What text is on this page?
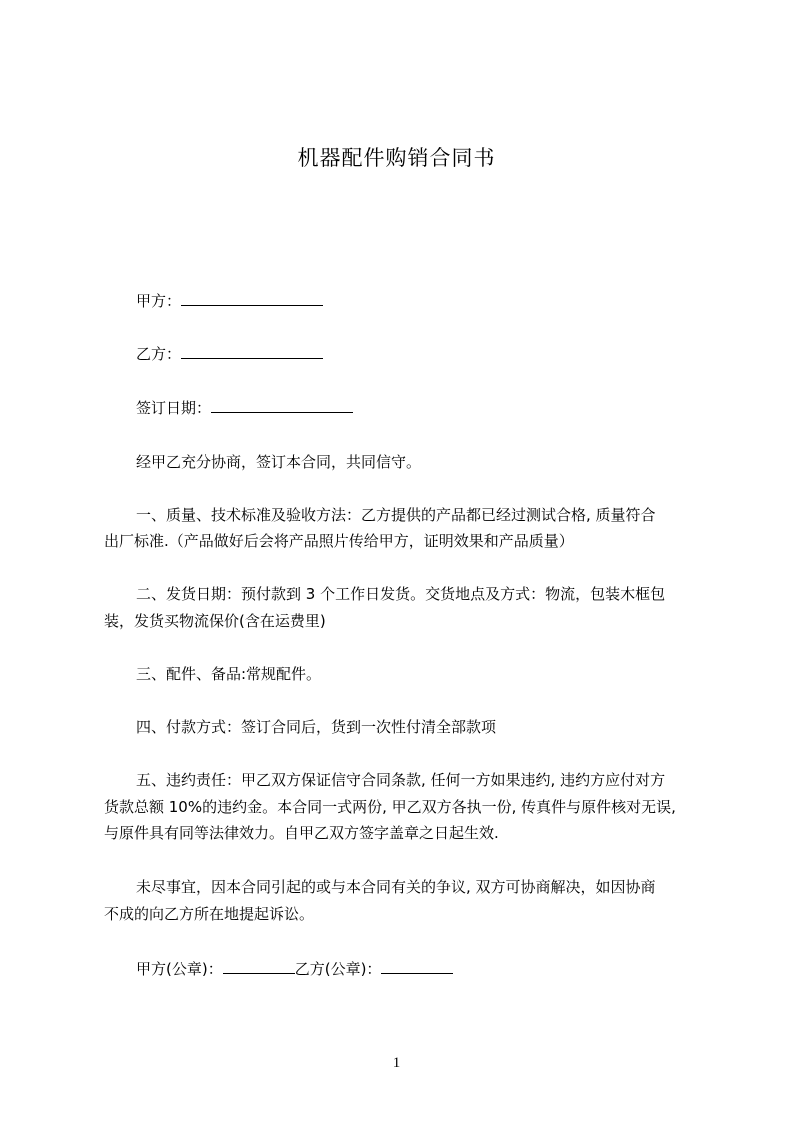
机器配件购销合同书

甲方：

乙方：

签订日期：

经甲乙充分协商，签订本合同，共同信守。

一、质量、技术标准及验收方法：乙方提供的产品都已经过测试合格, 质量符合

出厂标准.（产品做好后会将产品照片传给甲方，证明效果和产品质量）

二、发货日期：预付款到 3 个工作日发货。交货地点及方式：物流，包装木框包

装，发货买物流保价(含在运费里)

三、配件、备品:常规配件。

四、付款方式：签订合同后，货到一次性付清全部款项

五、违约责任：甲乙双方保证信守合同条款, 任何一方如果违约, 违约方应付对方

货款总额 10%的违约金。本合同一式两份, 甲乙双方各执一份, 传真件与原件核对无误,

与原件具有同等法律效力。自甲乙双方签字盖章之日起生效.

未尽事宜，因本合同引起的或与本合同有关的争议, 双方可协商解决，如因协商

不成的向乙方所在地提起诉讼。

甲方(公章)：	乙方(公章)：

1
